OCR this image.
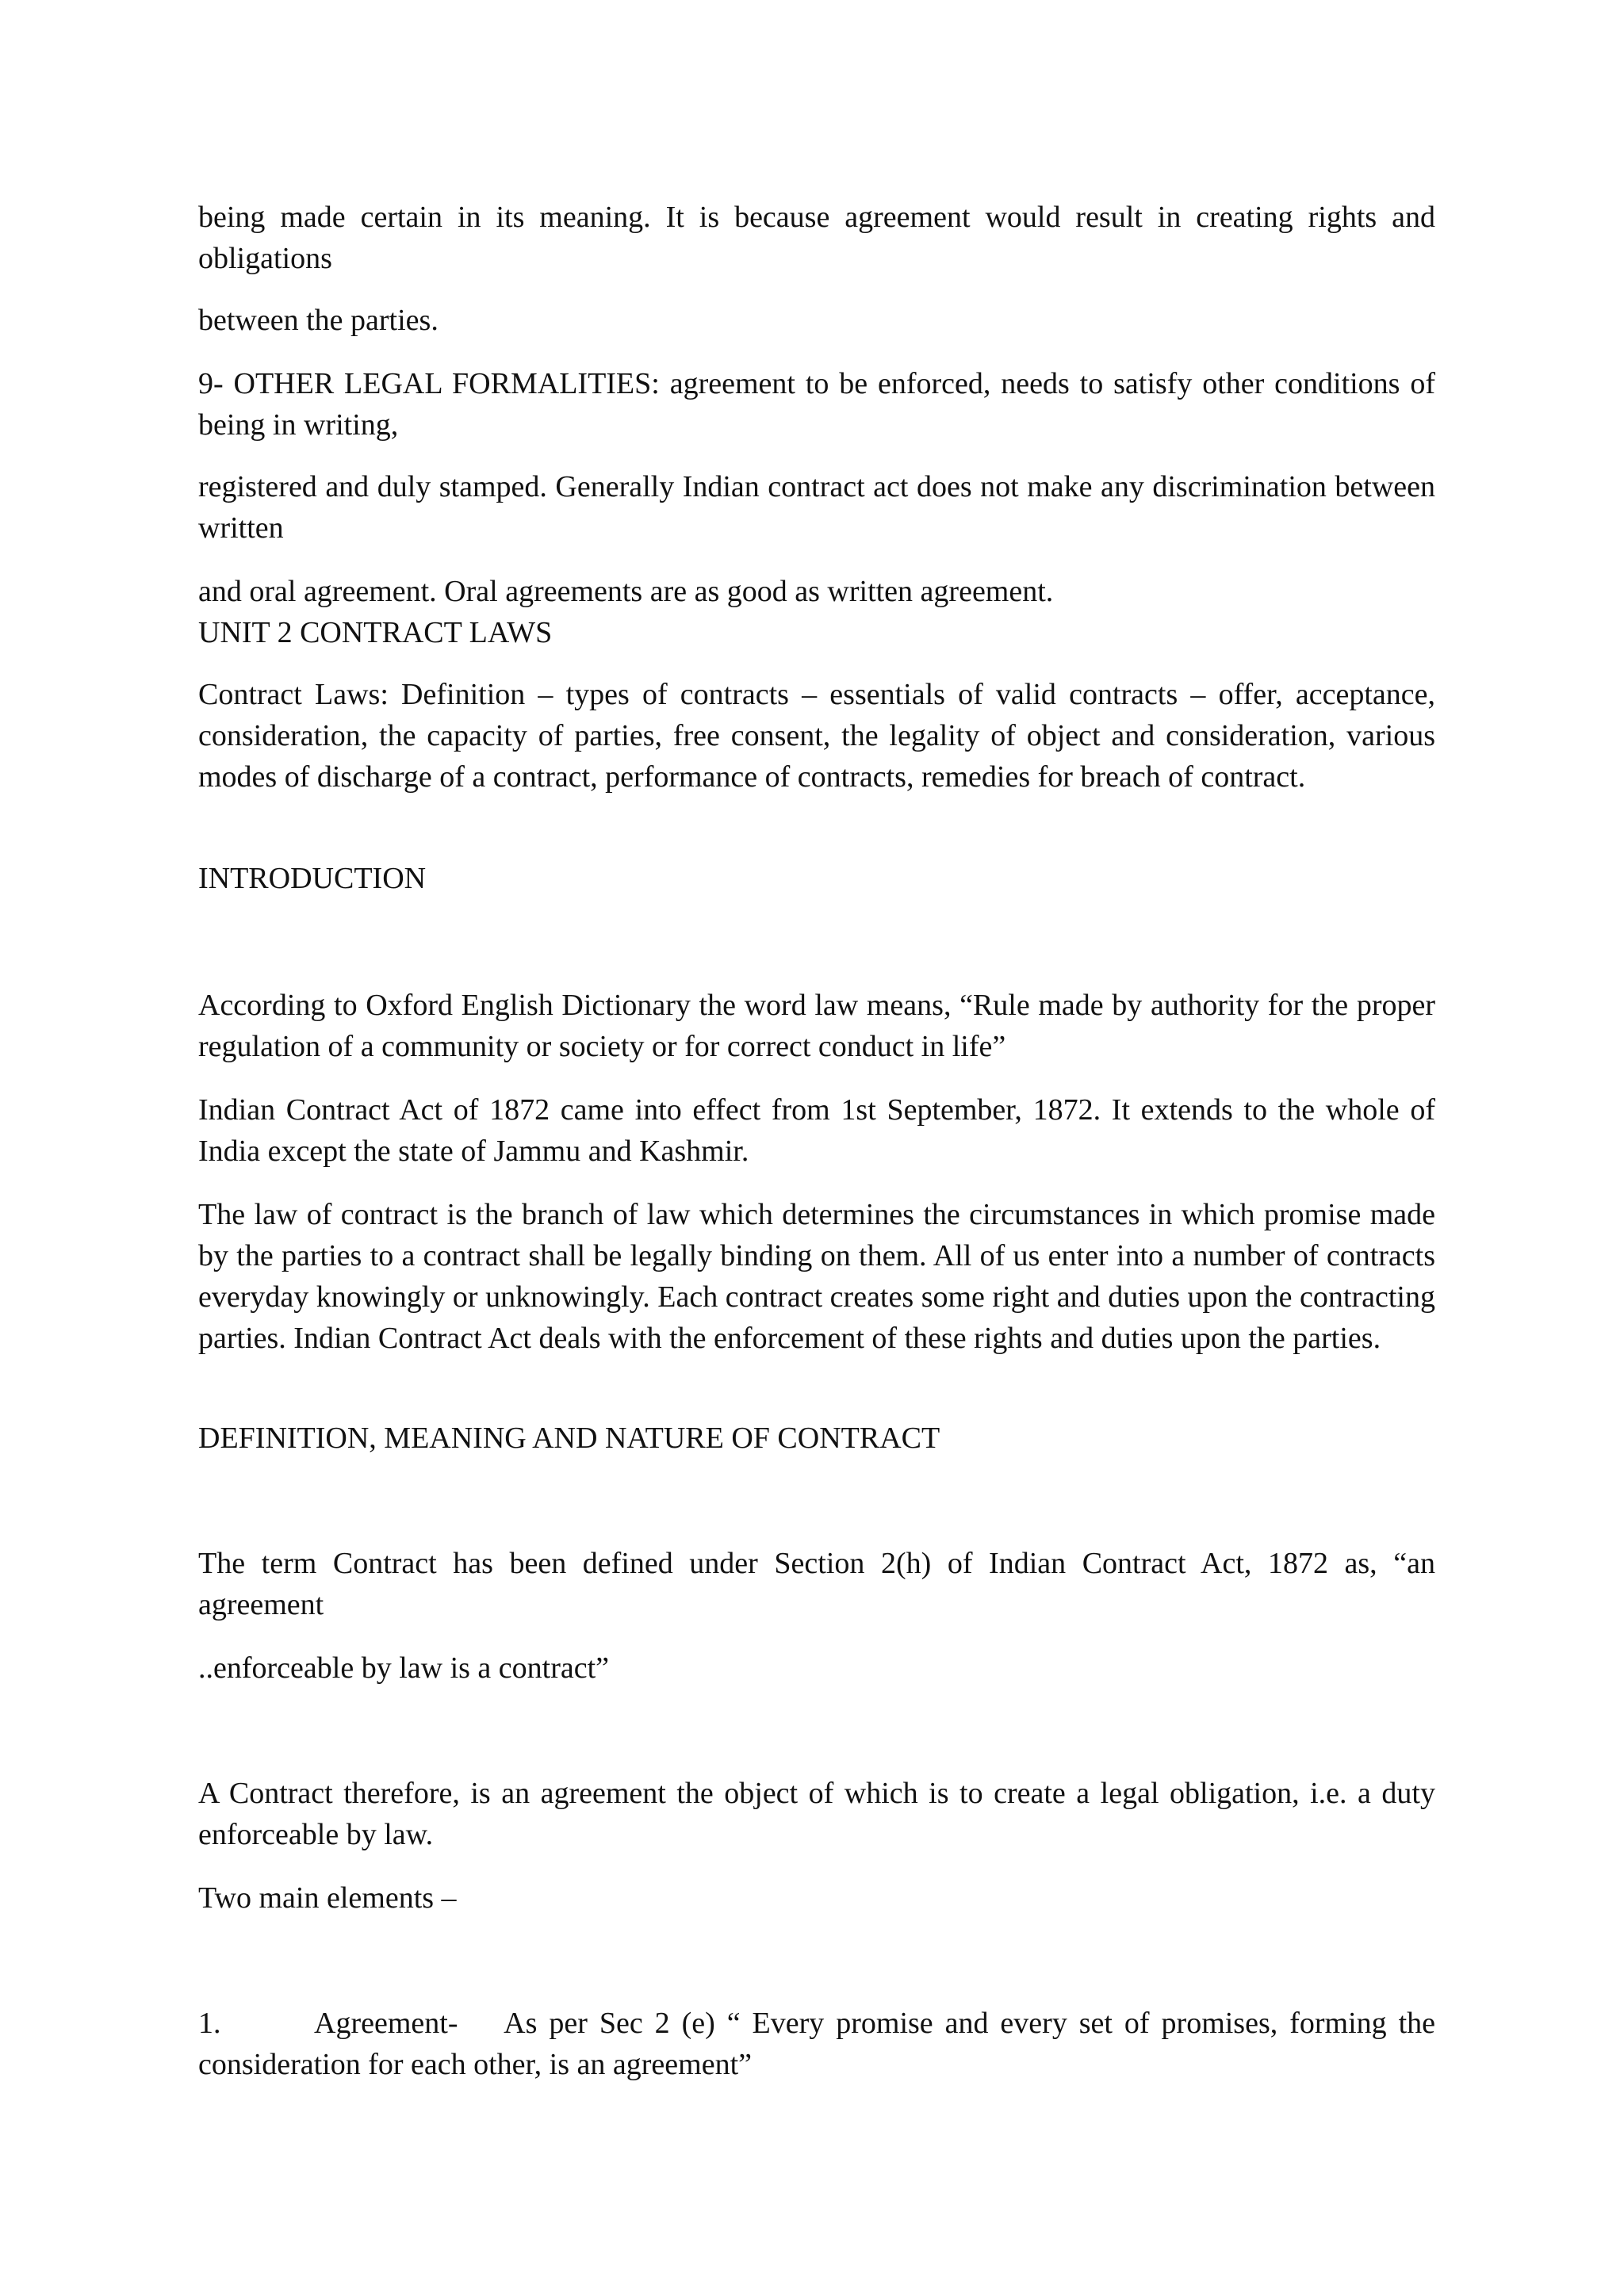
being made certain in its meaning. It is because agreement would result in creating rights and obligations

between the parties.

9- OTHER LEGAL FORMALITIES: agreement to be enforced, needs to satisfy other conditions of being in writing,

registered and duly stamped. Generally Indian contract act does not make any discrimination between written

and oral agreement. Oral agreements are as good as written agreement.

UNIT 2 CONTRACT LAWS

Contract Laws: Definition – types of contracts – essentials of valid contracts – offer, acceptance, consideration, the capacity of parties, free consent, the legality of object and consideration, various modes of discharge of a contract, performance of contracts, remedies for breach of contract.

INTRODUCTION

According to Oxford English Dictionary the word law means, “Rule made by authority for the proper regulation of a community or society or for correct conduct in life”

Indian Contract Act of 1872 came into effect from 1st September, 1872. It extends to the whole of India except the state of Jammu and Kashmir.

The law of contract is the branch of law which determines the circumstances in which promise made by the parties to a contract shall be legally binding on them. All of us enter into a number of contracts everyday knowingly or unknowingly. Each contract creates some right and duties upon the contracting parties. Indian Contract Act deals with the enforcement of these rights and duties upon the parties.

DEFINITION, MEANING AND NATURE OF CONTRACT

The term Contract has been defined under Section 2(h) of Indian Contract Act, 1872 as, “an agreement

..enforceable by law is a contract”

A Contract therefore, is an agreement the object of which is to create a legal obligation, i.e. a duty enforceable by law.

Two main elements –

1.        Agreement-    As per Sec 2 (e) “ Every promise and every set of promises, forming the consideration for each other, is an agreement”
